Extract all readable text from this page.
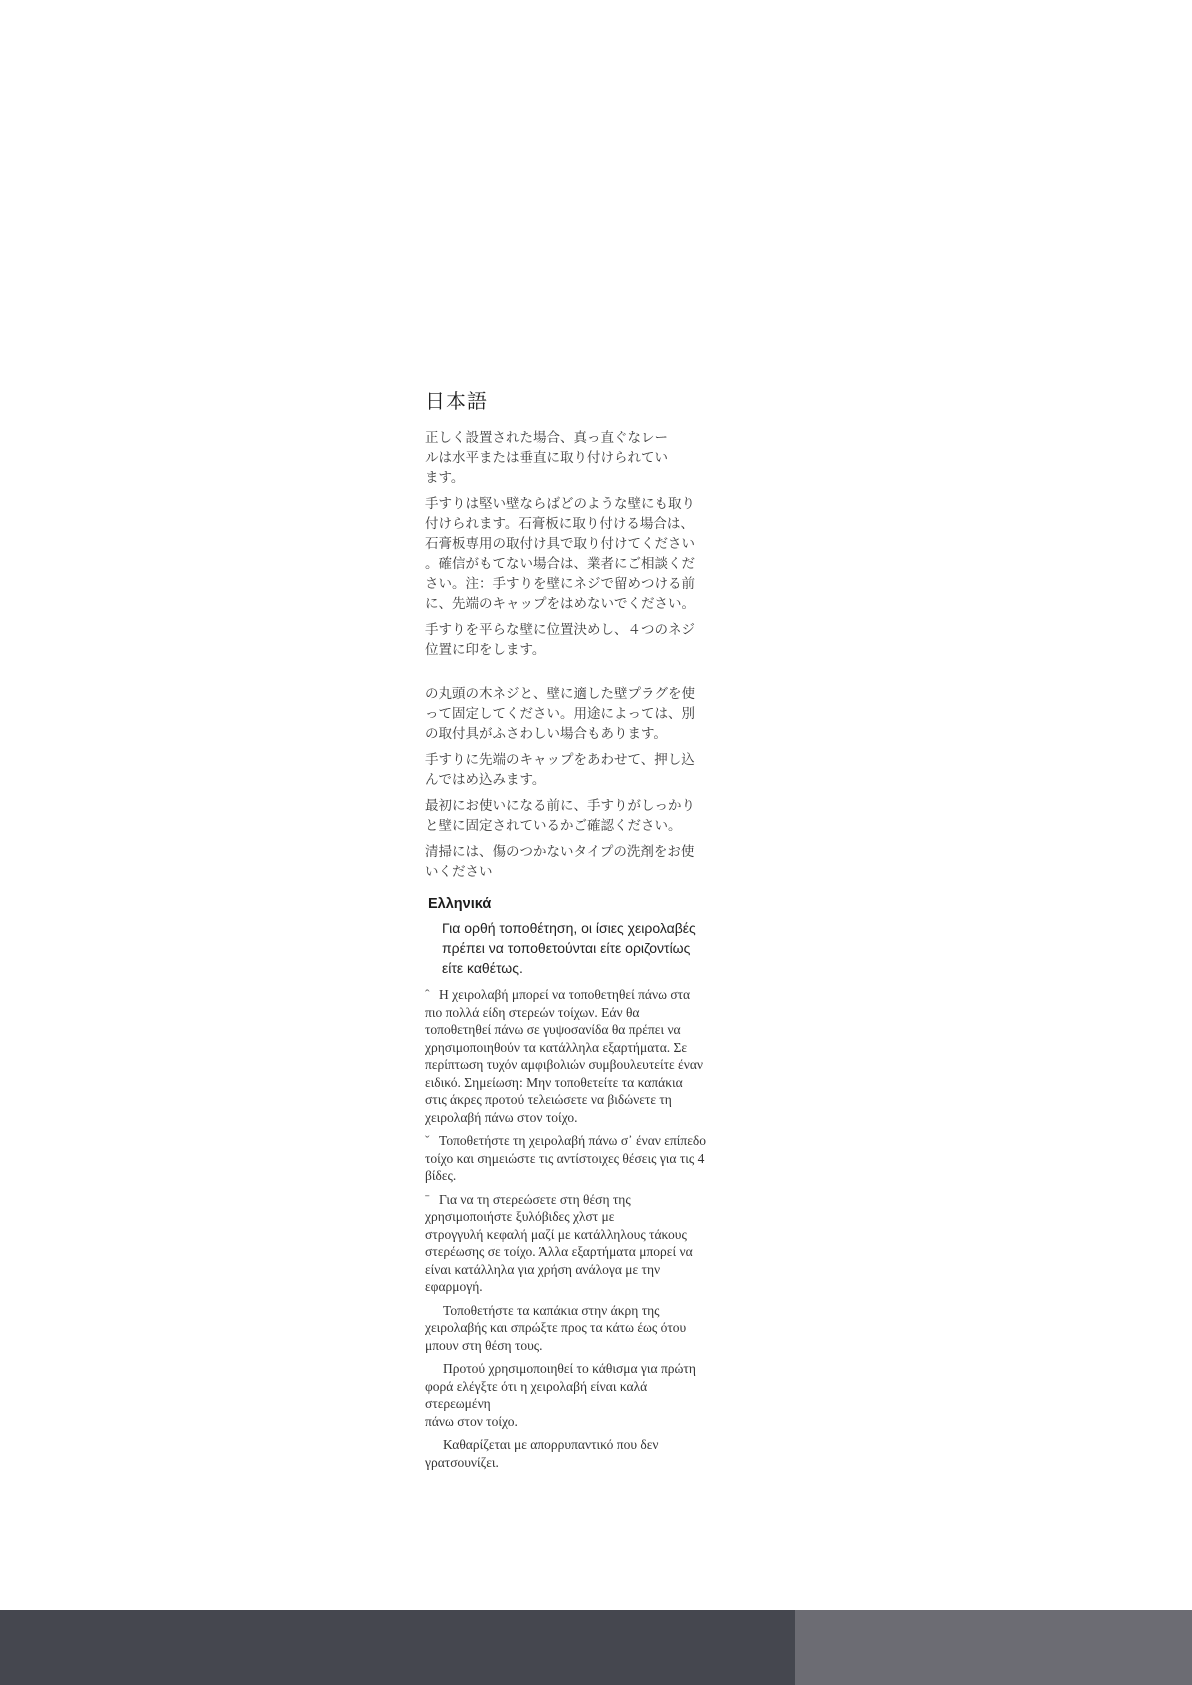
日本語

正しく設置された場合、真っ直ぐなレー
ルは水平または垂直に取り付けられてい
ます。

手すりは堅い壁ならばどのような壁にも取り
付けられます。石膏板に取り付ける場合は、
石膏板専用の取付け具で取り付けてください
。確信がもてない場合は、業者にご相談くだ
さい。注：手すりを壁にネジで留めつける前
に、先端のキャップをはめないでください。

手すりを平らな壁に位置決めし、４つのネジ
位置に印をします。

の丸頭の木ネジと、壁に適した壁プラグを使
って固定してください。用途によっては、別
の取付具がふさわしい場合もあります。

手すりに先端のキャップをあわせて、押し込
んではめ込みます。

最初にお使いになる前に、手すりがしっかり
と壁に固定されているかご確認ください。

清掃には、傷のつかないタイプの洗剤をお使
いください

Ελληνικά

Για ορθή τοποθέτηση, οι ίσιες χειρολαβές
πρέπει να τοποθετούνται είτε οριζοντίως
είτε καθέτως.

ˆ Η χειρολαβή μπορεί να τοποθετηθεί πάνω στα
πιο πολλά είδη στερεών τοίχων. Εάν θα
τοποθετηθεί πάνω σε γυψοσανίδα θα πρέπει να
χρησιμοποιηθούν τα κατάλληλα εξαρτήματα. Σε
περίπτωση τυχόν αμφιβολιών συμβουλευτείτε έναν
ειδικό. Σημείωση: Μην τοποθετείτε τα καπάκια
στις άκρες προτού τελειώσετε να βιδώνετε τη
χειρολαβή πάνω στον τοίχο.

ˇ Τοποθετήστε τη χειρολαβή πάνω σ᾽ έναν επίπεδο
τοίχο και σημειώστε τις αντίστοιχες θέσεις για τις 4
βίδες.

ˉ Για να τη στερεώσετε στη θέση της
χρησιμοποιήστε ξυλόβιδες χλστ με
στρογγυλή κεφαλή μαζί με κατάλληλους τάκους
στερέωσης σε τοίχο. Άλλα εξαρτήματα μπορεί να
είναι κατάλληλα για χρήση ανάλογα με την
εφαρμογή.

Τοποθετήστε τα καπάκια στην άκρη της
χειρολαβής και σπρώξτε προς τα κάτω έως ότου
μπουν στη θέση τους.

Προτού χρησιμοποιηθεί το κάθισμα για πρώτη
φορά ελέγξτε ότι η χειρολαβή είναι καλά
στερεωμένη
πάνω στον τοίχο.

Καθαρίζεται με απορρυπαντικό που δεν
γρατσουνίζει.
